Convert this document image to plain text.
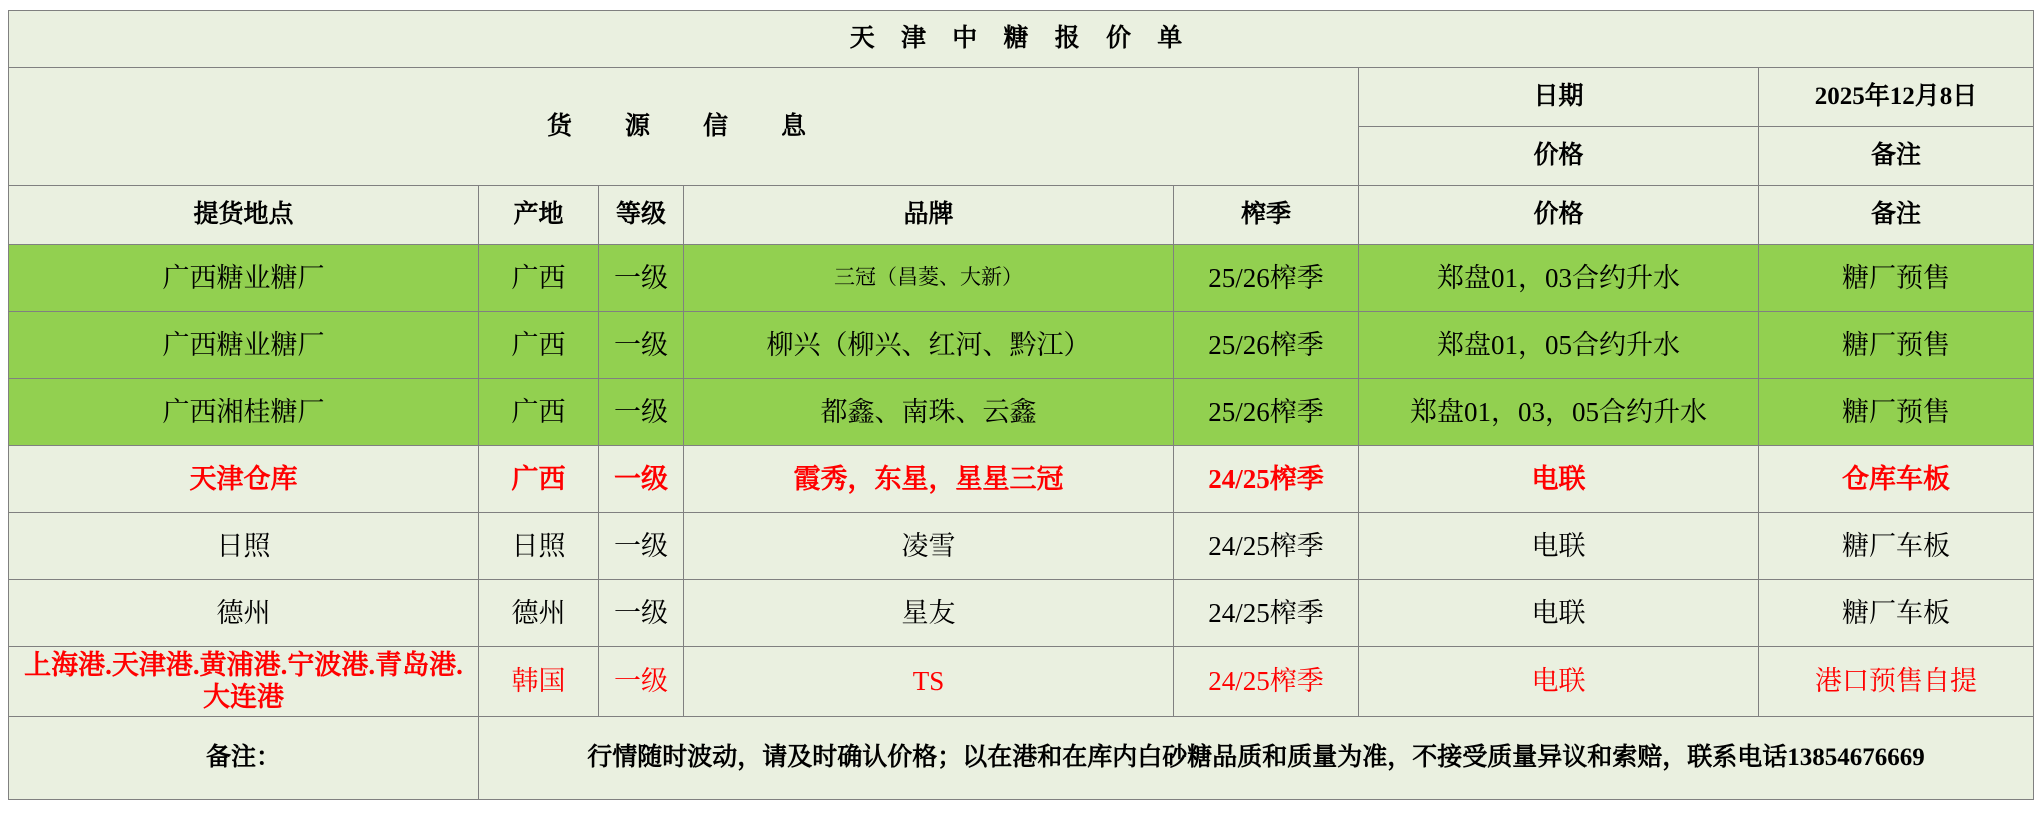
天 津 中 糖 报 价 单						
货　源　信　息					日期	2025年12月8日
					价格	备注
提货地点	产地	等级	品牌	榨季	价格	备注
广西糖业糖厂	广西	一级	三冠（昌菱、大新）	25/26榨季	郑盘01，03合约升水	糖厂预售
广西糖业糖厂	广西	一级	柳兴（柳兴、红河、黔江）	25/26榨季	郑盘01，05合约升水	糖厂预售
广西湘桂糖厂	广西	一级	都鑫、南珠、云鑫	25/26榨季	郑盘01，03，05合约升水	糖厂预售
天津仓库	广西	一级	霞秀，东星，星星三冠	24/25榨季	电联	仓库车板
日照	日照	一级	凌雪	24/25榨季	电联	糖厂车板
德州	德州	一级	星友	24/25榨季	电联	糖厂车板
上海港.天津港.黄浦港.宁波港.青岛港.大连港	韩国	一级	TS	24/25榨季	电联	港口预售自提
备注：	行情随时波动，请及时确认价格；以在港和在库内白砂糖品质和质量为准，不接受质量异议和索赔，联系电话13854676669					
